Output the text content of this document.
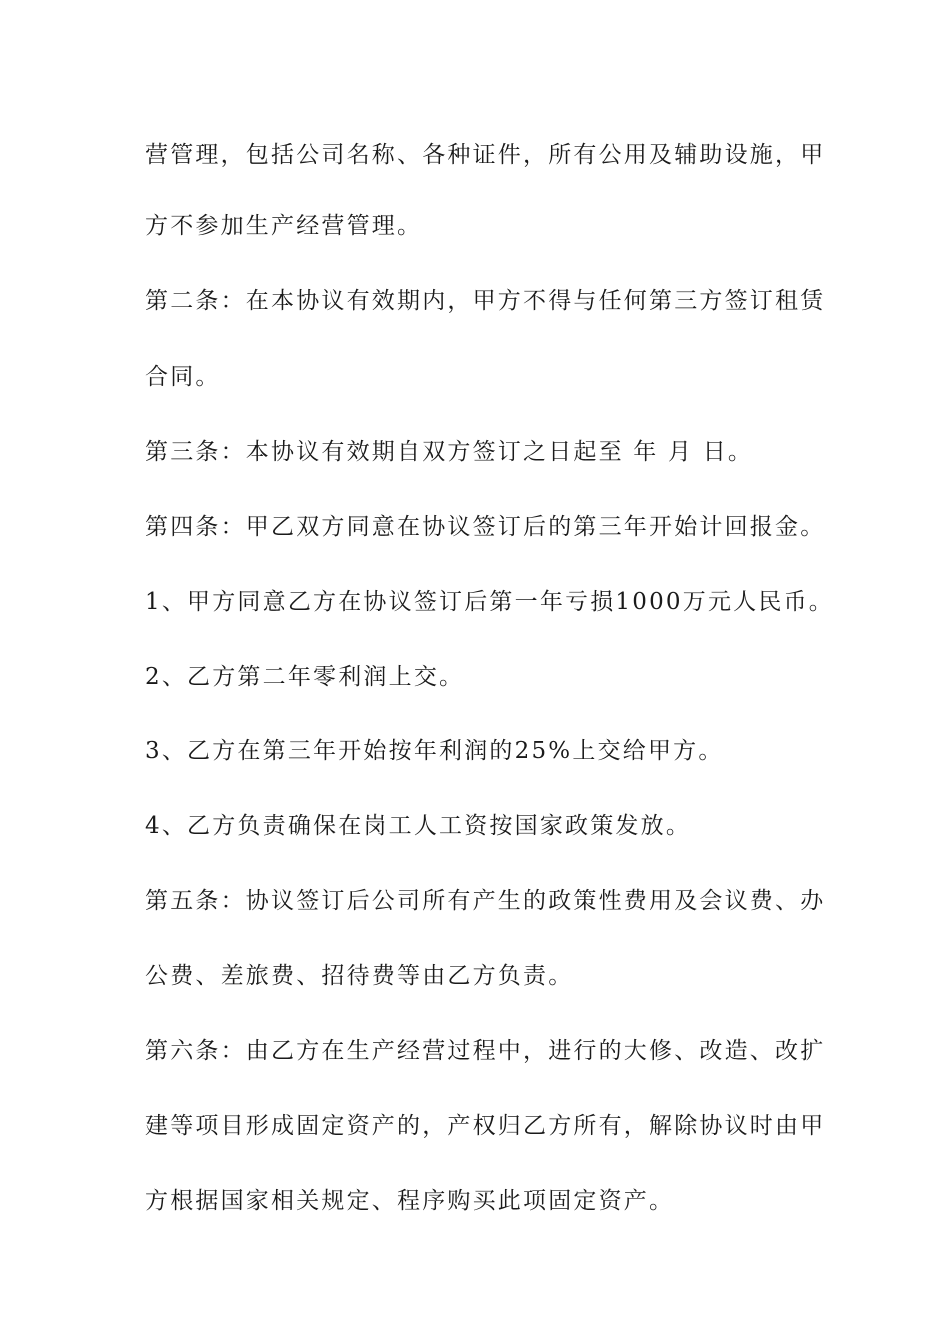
营管理，包括公司名称、各种证件，所有公用及辅助设施，甲
方不参加生产经营管理。
第二条：在本协议有效期内，甲方不得与任何第三方签订租赁
合同。
第三条：本协议有效期自双方签订之日起至 年 月 日。
第四条：甲乙双方同意在协议签订后的第三年开始计回报金。
1、甲方同意乙方在协议签订后第一年亏损1000万元人民币。
2、乙方第二年零利润上交。
3、乙方在第三年开始按年利润的25%上交给甲方。
4、乙方负责确保在岗工人工资按国家政策发放。
第五条：协议签订后公司所有产生的政策性费用及会议费、办
公费、差旅费、招待费等由乙方负责。
第六条：由乙方在生产经营过程中，进行的大修、改造、改扩
建等项目形成固定资产的，产权归乙方所有，解除协议时由甲
方根据国家相关规定、程序购买此项固定资产。
